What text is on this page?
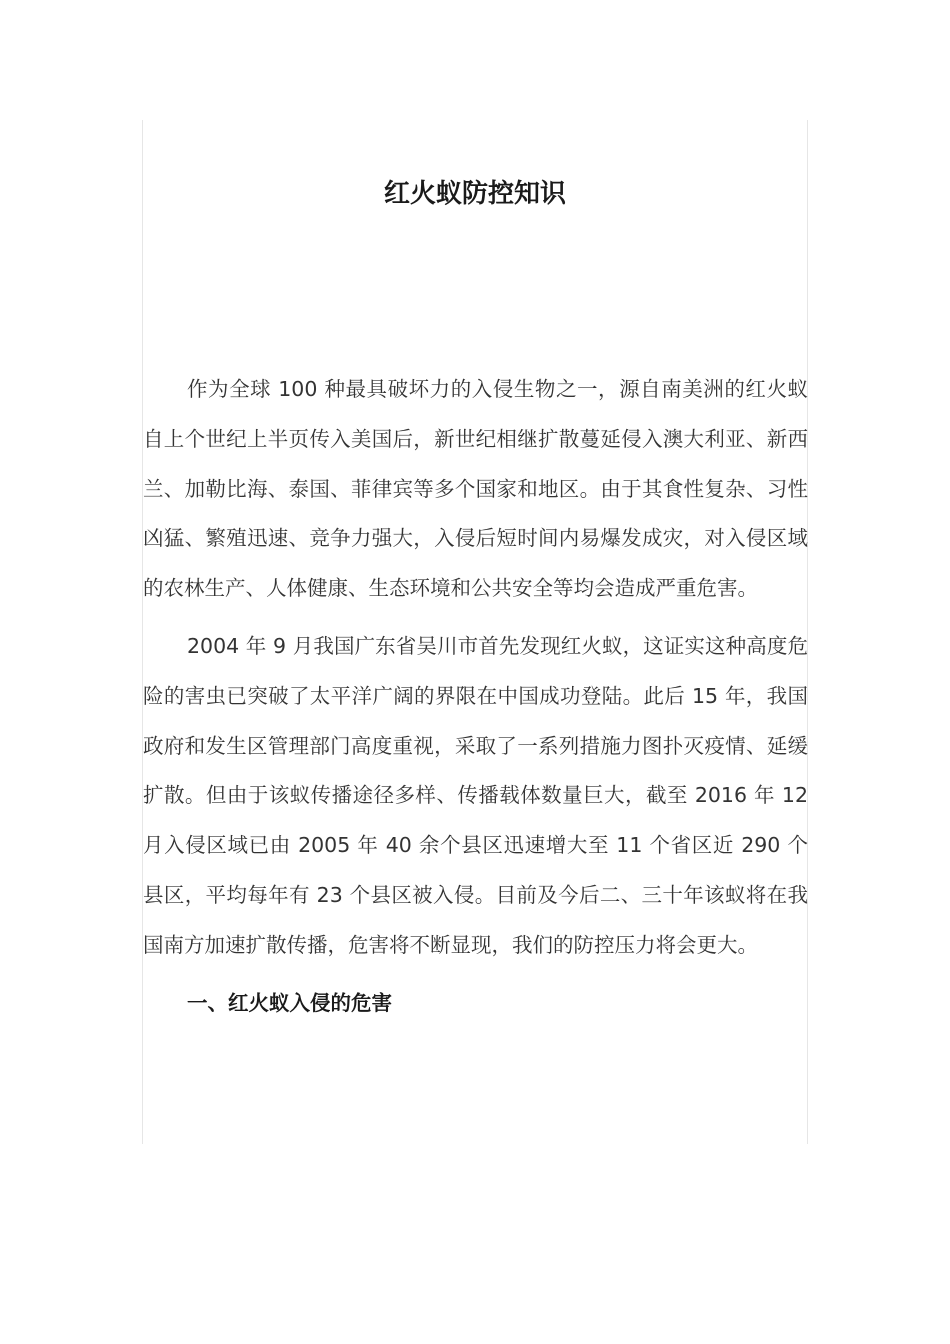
红火蚁防控知识

作为全球 100 种最具破坏力的入侵生物之一，源自南美洲的红火蚁自上个世纪上半页传入美国后，新世纪相继扩散蔓延侵入澳大利亚、新西兰、加勒比海、泰国、菲律宾等多个国家和地区。由于其食性复杂、习性凶猛、繁殖迅速、竞争力强大，入侵后短时间内易爆发成灾，对入侵区域的农林生产、人体健康、生态环境和公共安全等均会造成严重危害。

2004 年 9 月我国广东省吴川市首先发现红火蚁，这证实这种高度危险的害虫已突破了太平洋广阔的界限在中国成功登陆。此后 15 年，我国政府和发生区管理部门高度重视，采取了一系列措施力图扑灭疫情、延缓扩散。但由于该蚁传播途径多样、传播载体数量巨大，截至 2016 年 12 月入侵区域已由 2005 年 40 余个县区迅速增大至 11 个省区近 290 个县区，平均每年有 23 个县区被入侵。目前及今后二、三十年该蚁将在我国南方加速扩散传播，危害将不断显现，我们的防控压力将会更大。

一、红火蚁入侵的危害
